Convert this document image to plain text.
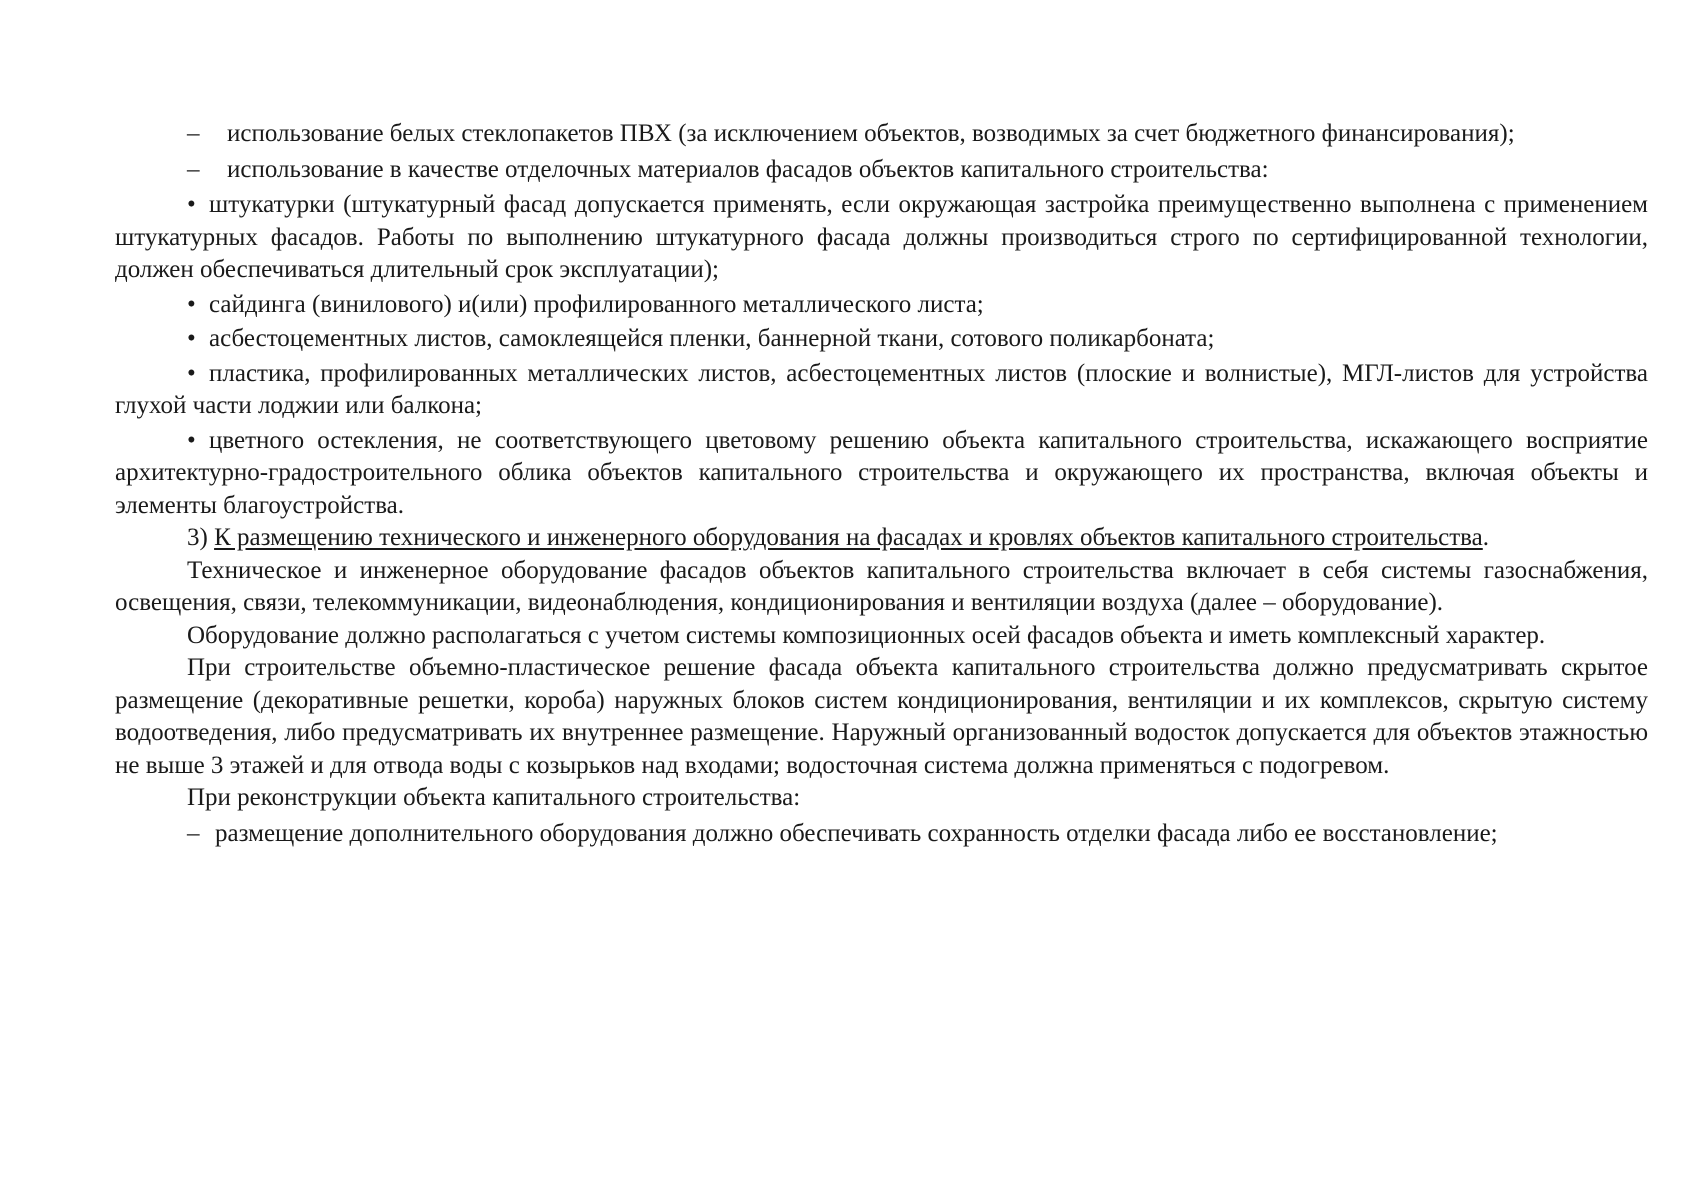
– использование белых стеклопакетов ПВХ (за исключением объектов, возводимых за счет бюджетного финансирования);

– использование в качестве отделочных материалов фасадов объектов капитального строительства:

• штукатурки (штукатурный фасад допускается применять, если окружающая застройка преимущественно выполнена с применением штукатурных фасадов. Работы по выполнению штукатурного фасада должны производиться строго по сертифицированной технологии, должен обеспечиваться длительный срок эксплуатации);

• сайдинга (винилового) и(или) профилированного металлического листа;

• асбестоцементных листов, самоклеящейся пленки, баннерной ткани, сотового поликарбоната;

• пластика, профилированных металлических листов, асбестоцементных листов (плоские и волнистые), МГЛ-листов для устройства глухой части лоджии или балкона;

• цветного остекления, не соответствующего цветовому решению объекта капитального строительства, искажающего восприятие архитектурно-градостроительного облика объектов капитального строительства и окружающего их пространства, включая объекты и элементы благоустройства.

3) К размещению технического и инженерного оборудования на фасадах и кровлях объектов капитального строительства.

Техническое и инженерное оборудование фасадов объектов капитального строительства включает в себя системы газоснабжения, освещения, связи, телекоммуникации, видеонаблюдения, кондиционирования и вентиляции воздуха (далее – оборудование).

Оборудование должно располагаться с учетом системы композиционных осей фасадов объекта и иметь комплексный характер.

При строительстве объемно-пластическое решение фасада объекта капитального строительства должно предусматривать скрытое размещение (декоративные решетки, короба) наружных блоков систем кондиционирования, вентиляции и их комплексов, скрытую систему водоотведения, либо предусматривать их внутреннее размещение. Наружный организованный водосток допускается для объектов этажностью не выше 3 этажей и для отвода воды с козырьков над входами; водосточная система должна применяться с подогревом.

При реконструкции объекта капитального строительства:

– размещение дополнительного оборудования должно обеспечивать сохранность отделки фасада либо ее восстановление;
